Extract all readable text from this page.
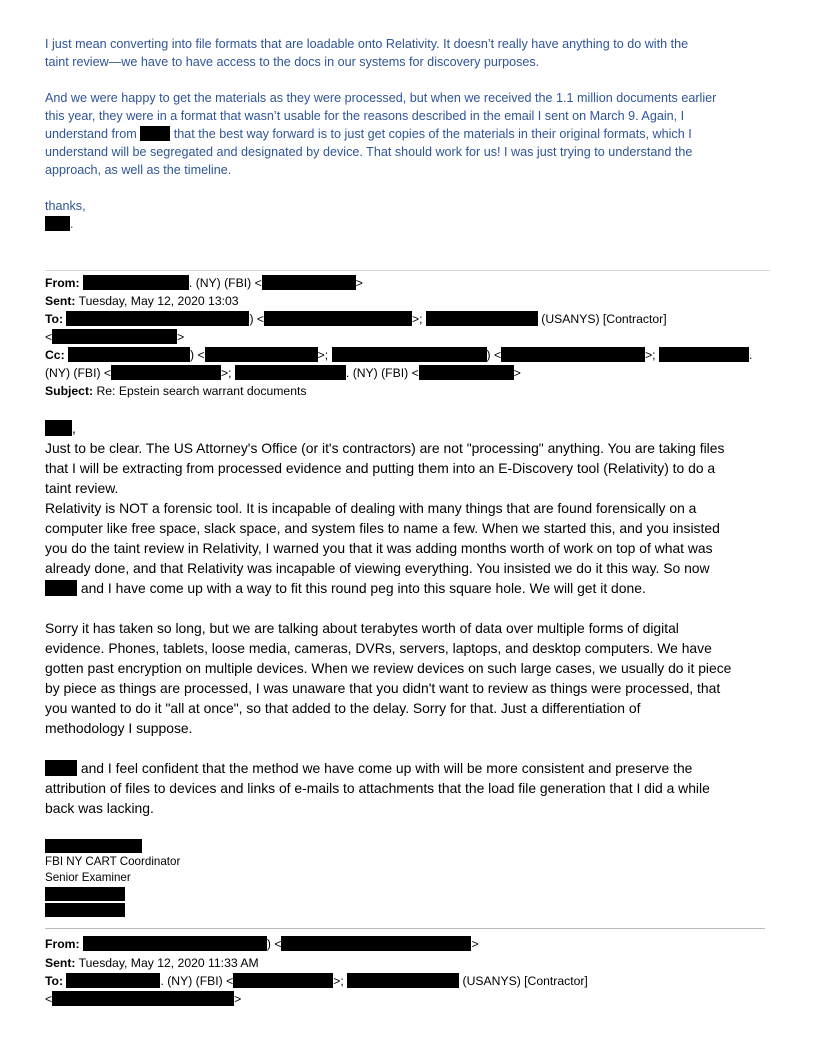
I just mean converting into file formats that are loadable onto Relativity. It doesn’t really have anything to do with the
taint review—we have to have access to the docs in our systems for discovery purposes.
And we were happy to get the materials as they were processed, but when we received the 1.1 million documents earlier
this year, they were in a format that wasn’t usable for the reasons described in the email I sent on March 9. Again, I
understand from	that the best way forward is to just get copies of the materials in their original formats, which I
understand will be segregated and designated by device. That should work for us! I was just trying to understand the
approach, as well as the timeline.
thanks,
.
From:	. (NY) (FBI) <	>
Sent: Tuesday, May 12, 2020 13:03
To:	) <	>;	(USANYS) [Contractor]
<	>
Cc:	) <	>;	) <	>;	.
(NY) (FBI) <	>;	. (NY) (FBI) <	>
Subject: Re: Epstein search warrant documents
,
Just to be clear. The US Attorney's Office (or it's contractors) are not "processing" anything. You are taking files
that I will be extracting from processed evidence and putting them into an E-Discovery tool (Relativity) to do a
taint review.
Relativity is NOT a forensic tool. It is incapable of dealing with many things that are found forensically on a
computer like free space, slack space, and system files to name a few. When we started this, and you insisted
you do the taint review in Relativity, I warned you that it was adding months worth of work on top of what was
already done, and that Relativity was incapable of viewing everything. You insisted we do it this way. So now
and I have come up with a way to fit this round peg into this square hole. We will get it done.
Sorry it has taken so long, but we are talking about terabytes worth of data over multiple forms of digital
evidence. Phones, tablets, loose media, cameras, DVRs, servers, laptops, and desktop computers. We have
gotten past encryption on multiple devices. When we review devices on such large cases, we usually do it piece
by piece as things are processed, I was unaware that you didn't want to review as things were processed, that
you wanted to do it "all at once", so that added to the delay. Sorry for that. Just a differentiation of
methodology I suppose.
and I feel confident that the method we have come up with will be more consistent and preserve the
attribution of files to devices and links of e-mails to attachments that the load file generation that I did a while
back was lacking.
FBI NY CART Coordinator
Senior Examiner
From:	) <	>
Sent: Tuesday, May 12, 2020 11:33 AM
To:	. (NY) (FBI) <	>;	(USANYS) [Contractor]
<	>
